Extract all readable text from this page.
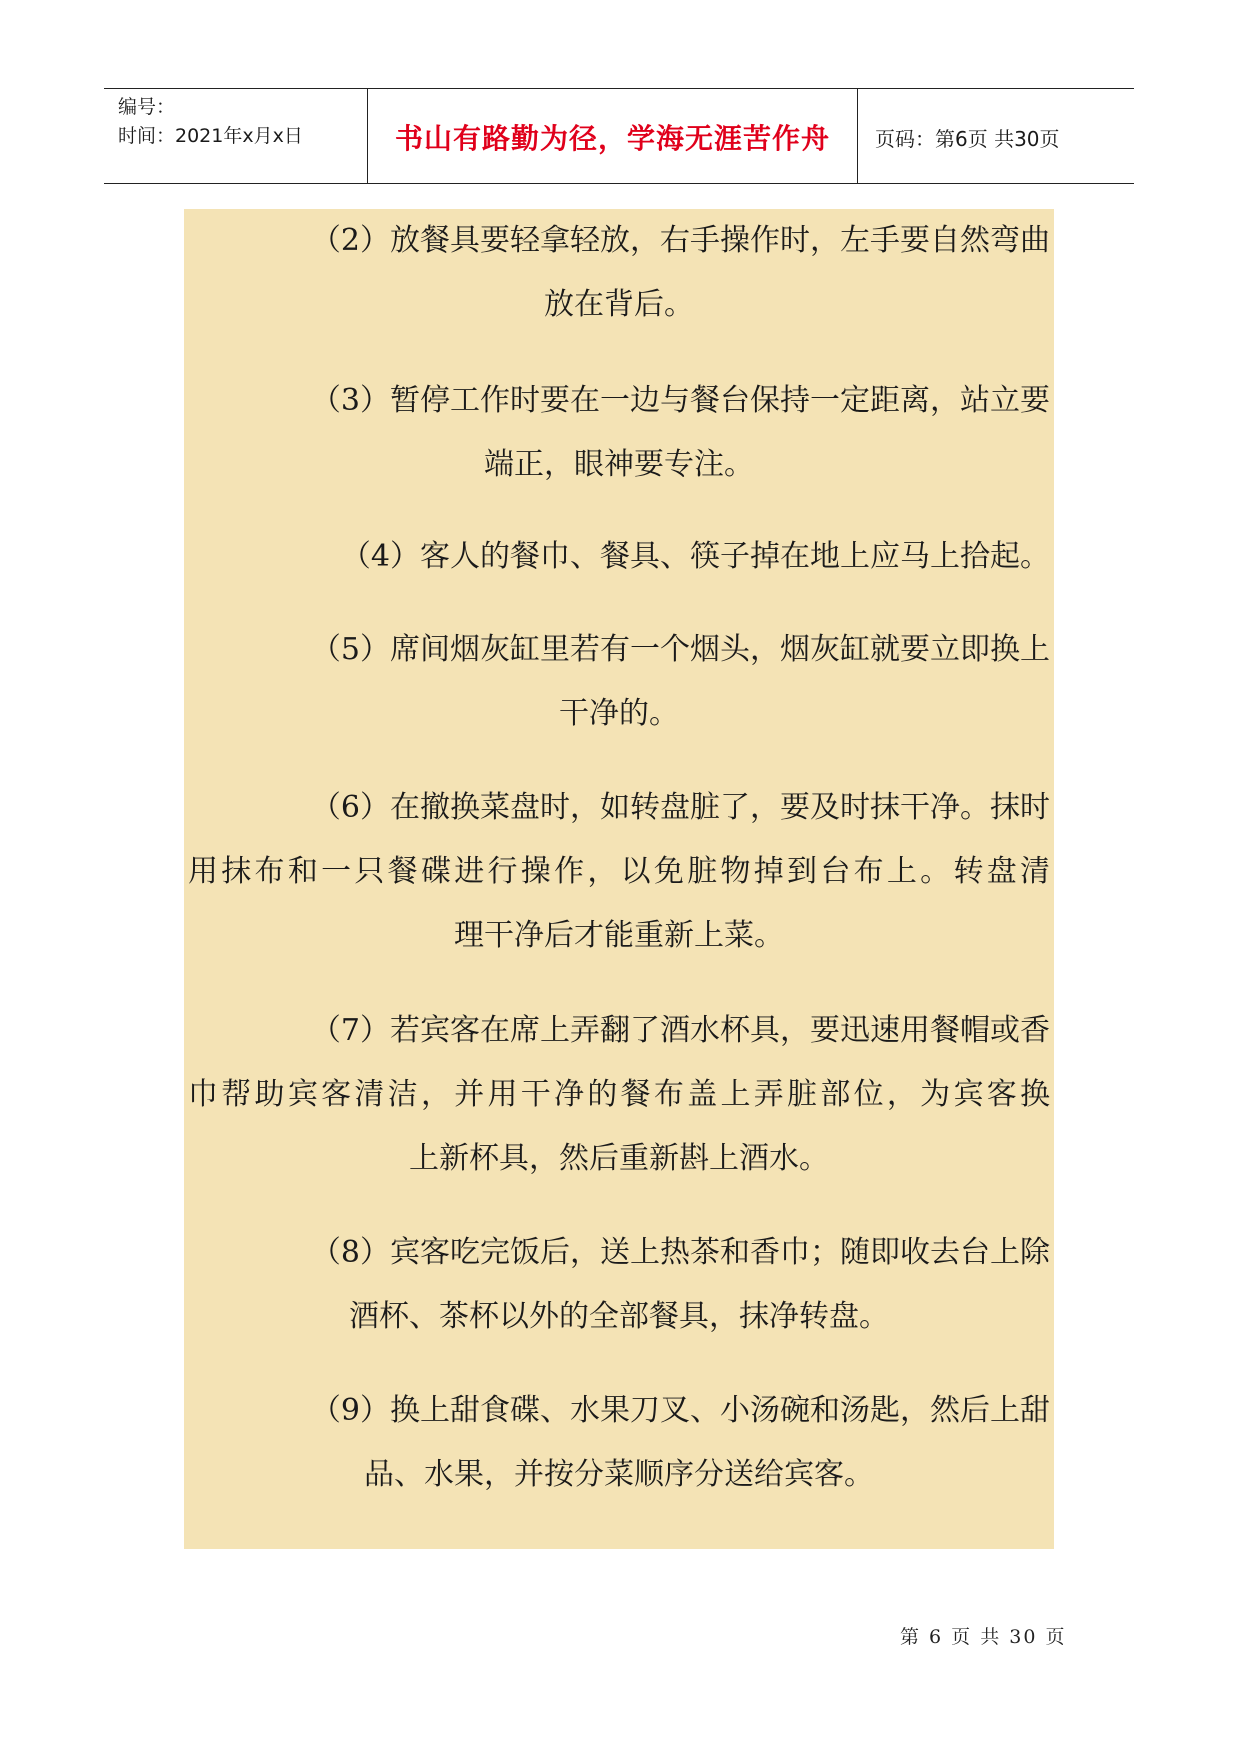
编号：
时间：2021年x月x日	书山有路勤为径，学海无涯苦作舟	页码：第6页 共30页
（2）放餐具要轻拿轻放，右手操作时，左手要自然弯曲
放在背后。
（3）暂停工作时要在一边与餐台保持一定距离，站立要
端正，眼神要专注。
（4）客人的餐巾、餐具、筷子掉在地上应马上拾起。
（5）席间烟灰缸里若有一个烟头，烟灰缸就要立即换上
干净的。
（6）在撤换菜盘时，如转盘脏了，要及时抹干净。抹时
用抹布和一只餐碟进行操作，以免脏物掉到台布上。转盘清
理干净后才能重新上菜。
（7）若宾客在席上弄翻了酒水杯具，要迅速用餐帽或香
巾帮助宾客清洁，并用干净的餐布盖上弄脏部位，为宾客换
上新杯具，然后重新斟上酒水。
（8）宾客吃完饭后，送上热茶和香巾；随即收去台上除
酒杯、茶杯以外的全部餐具，抹净转盘。
（9）换上甜食碟、水果刀叉、小汤碗和汤匙，然后上甜
品、水果，并按分菜顺序分送给宾客。
第 6 页 共 30 页
